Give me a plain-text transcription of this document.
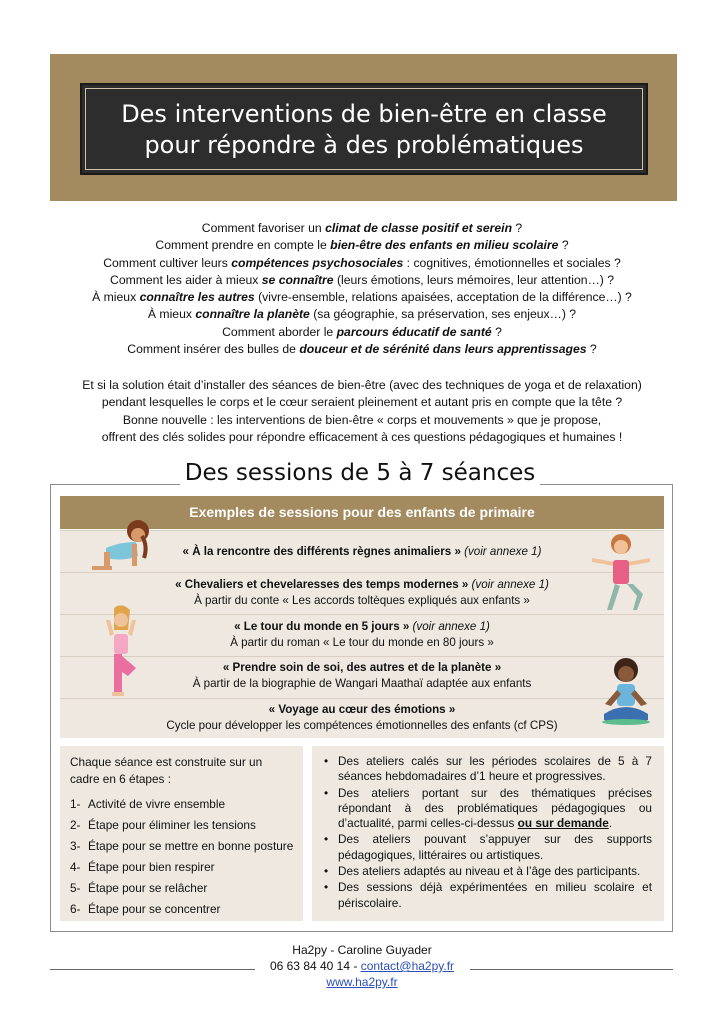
Des interventions de bien-être en classe
pour répondre à des problématiques
Comment favoriser un climat de classe positif et serein ?
Comment prendre en compte le bien-être des enfants en milieu scolaire ?
Comment cultiver leurs compétences psychosociales : cognitives, émotionnelles et sociales ?
Comment les aider à mieux se connaître (leurs émotions, leurs mémoires, leur attention…) ?
À mieux connaître les autres (vivre-ensemble, relations apaisées, acceptation de la différence…) ?
À mieux connaître la planète (sa géographie, sa préservation, ses enjeux…) ?
Comment aborder le parcours éducatif de santé ?
Comment insérer des bulles de douceur et de sérénité dans leurs apprentissages ?
Et si la solution était d’installer des séances de bien-être (avec des techniques de yoga et de relaxation)
pendant lesquelles le corps et le cœur seraient pleinement et autant pris en compte que la tête ?
Bonne nouvelle : les interventions de bien-être « corps et mouvements » que je propose,
offrent des clés solides pour répondre efficacement à ces questions pédagogiques et humaines !
Des sessions de 5 à 7 séances
Exemples de sessions pour des enfants de primaire
« À la rencontre des différents règnes animaliers » (voir annexe 1)
« Chevaliers et chevelaresses des temps modernes » (voir annexe 1)
À partir du conte « Les accords toltèques expliqués aux enfants »
« Le tour du monde en 5 jours » (voir annexe 1)
À partir du roman « Le tour du monde en 80 jours »
« Prendre soin de soi, des autres et de la planète »
À partir de la biographie de Wangari Maathaï adaptée aux enfants
« Voyage au cœur des émotions »
Cycle pour développer les compétences émotionnelles des enfants (cf CPS)
Chaque séance est construite sur un
cadre en 6 étapes :
1- Activité de vivre ensemble
2- Étape pour éliminer les tensions
3- Étape pour se mettre en bonne posture
4- Étape pour bien respirer
5- Étape pour se relâcher
6- Étape pour se concentrer
• Des ateliers calés sur les périodes scolaires de 5 à 7 séances hebdomadaires d’1 heure et progressives.
• Des ateliers portant sur des thématiques précises répondant à des problématiques pédagogiques ou d’actualité, parmi celles-ci-dessus ou sur demande.
• Des ateliers pouvant s’appuyer sur des supports pédagogiques, littéraires ou artistiques.
• Des ateliers adaptés au niveau et à l’âge des participants.
• Des sessions déjà expérimentées en milieu scolaire et périscolaire.
Ha2py - Caroline Guyader
06 63 84 40 14 - contact@ha2py.fr
www.ha2py.fr
